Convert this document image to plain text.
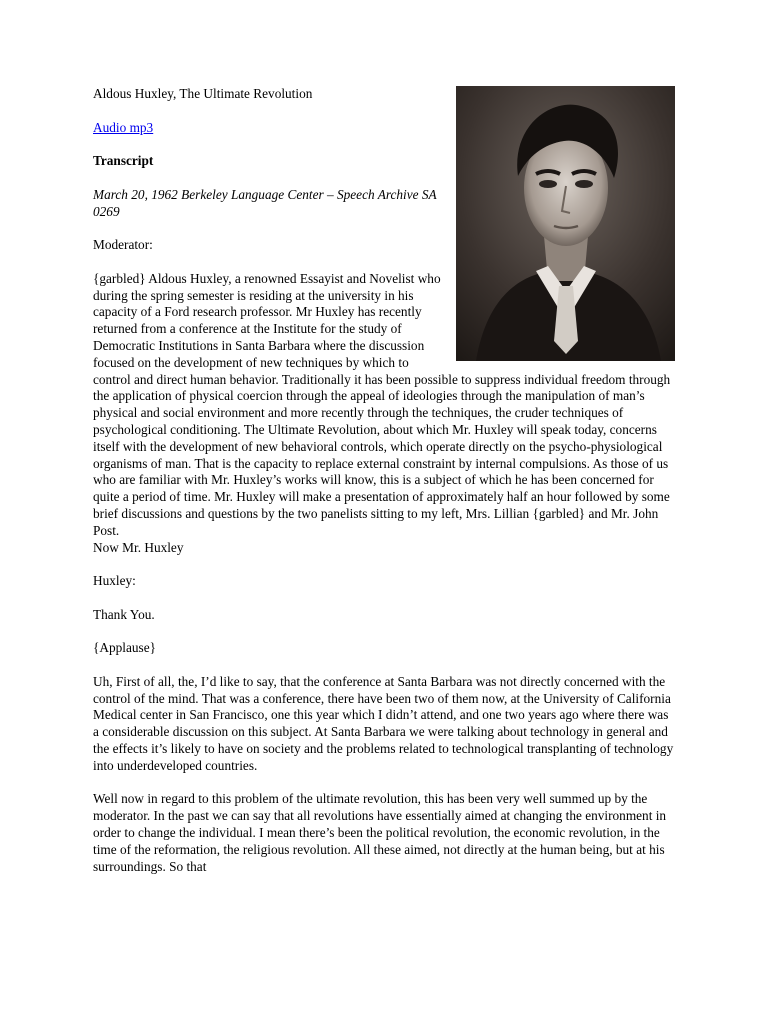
Aldous Huxley, The Ultimate Revolution

Audio mp3

Transcript

March 20, 1962 Berkeley Language Center – Speech Archive SA 0269

Moderator:

{garbled} Aldous Huxley, a renowned Essayist and Novelist who during the spring semester is residing at the university in his capacity of a Ford research professor. Mr Huxley has recently returned from a conference at the Institute for the study of Democratic Institutions in Santa Barbara where the discussion focused on the development of new techniques by which to control and direct human behavior. Traditionally it has been possible to suppress individual freedom through the application of physical coercion through the appeal of ideologies through the manipulation of man’s physical and social environment and more recently through the techniques, the cruder techniques of psychological conditioning. The Ultimate Revolution, about which Mr. Huxley will speak today, concerns itself with the development of new behavioral controls, which operate directly on the psycho-physiological organisms of man. That is the capacity to replace external constraint by internal compulsions. As those of us who are familiar with Mr. Huxley’s works will know, this is a subject of which he has been concerned for quite a period of time. Mr. Huxley will make a presentation of approximately half an hour followed by some brief discussions and questions by the two panelists sitting to my left, Mrs. Lillian {garbled} and Mr. John Post.

Now Mr. Huxley

Huxley:

Thank You.

{Applause}

Uh, First of all, the, I’d like to say, that the conference at Santa Barbara was not directly concerned with the control of the mind. That was a conference, there have been two of them now, at the University of California Medical center in San Francisco, one this year which I didn’t attend, and one two years ago where there was a considerable discussion on this subject. At Santa Barbara we were talking about technology in general and the effects it’s likely to have on society and the problems related to technological transplanting of technology into underdeveloped countries.

Well now in regard to this problem of the ultimate revolution, this has been very well summed up by the moderator. In the past we can say that all revolutions have essentially aimed at changing the environment in order to change the individual. I mean there’s been the political revolution, the economic revolution, in the time of the reformation, the religious revolution. All these aimed, not directly at the human being, but at his surroundings. So that
